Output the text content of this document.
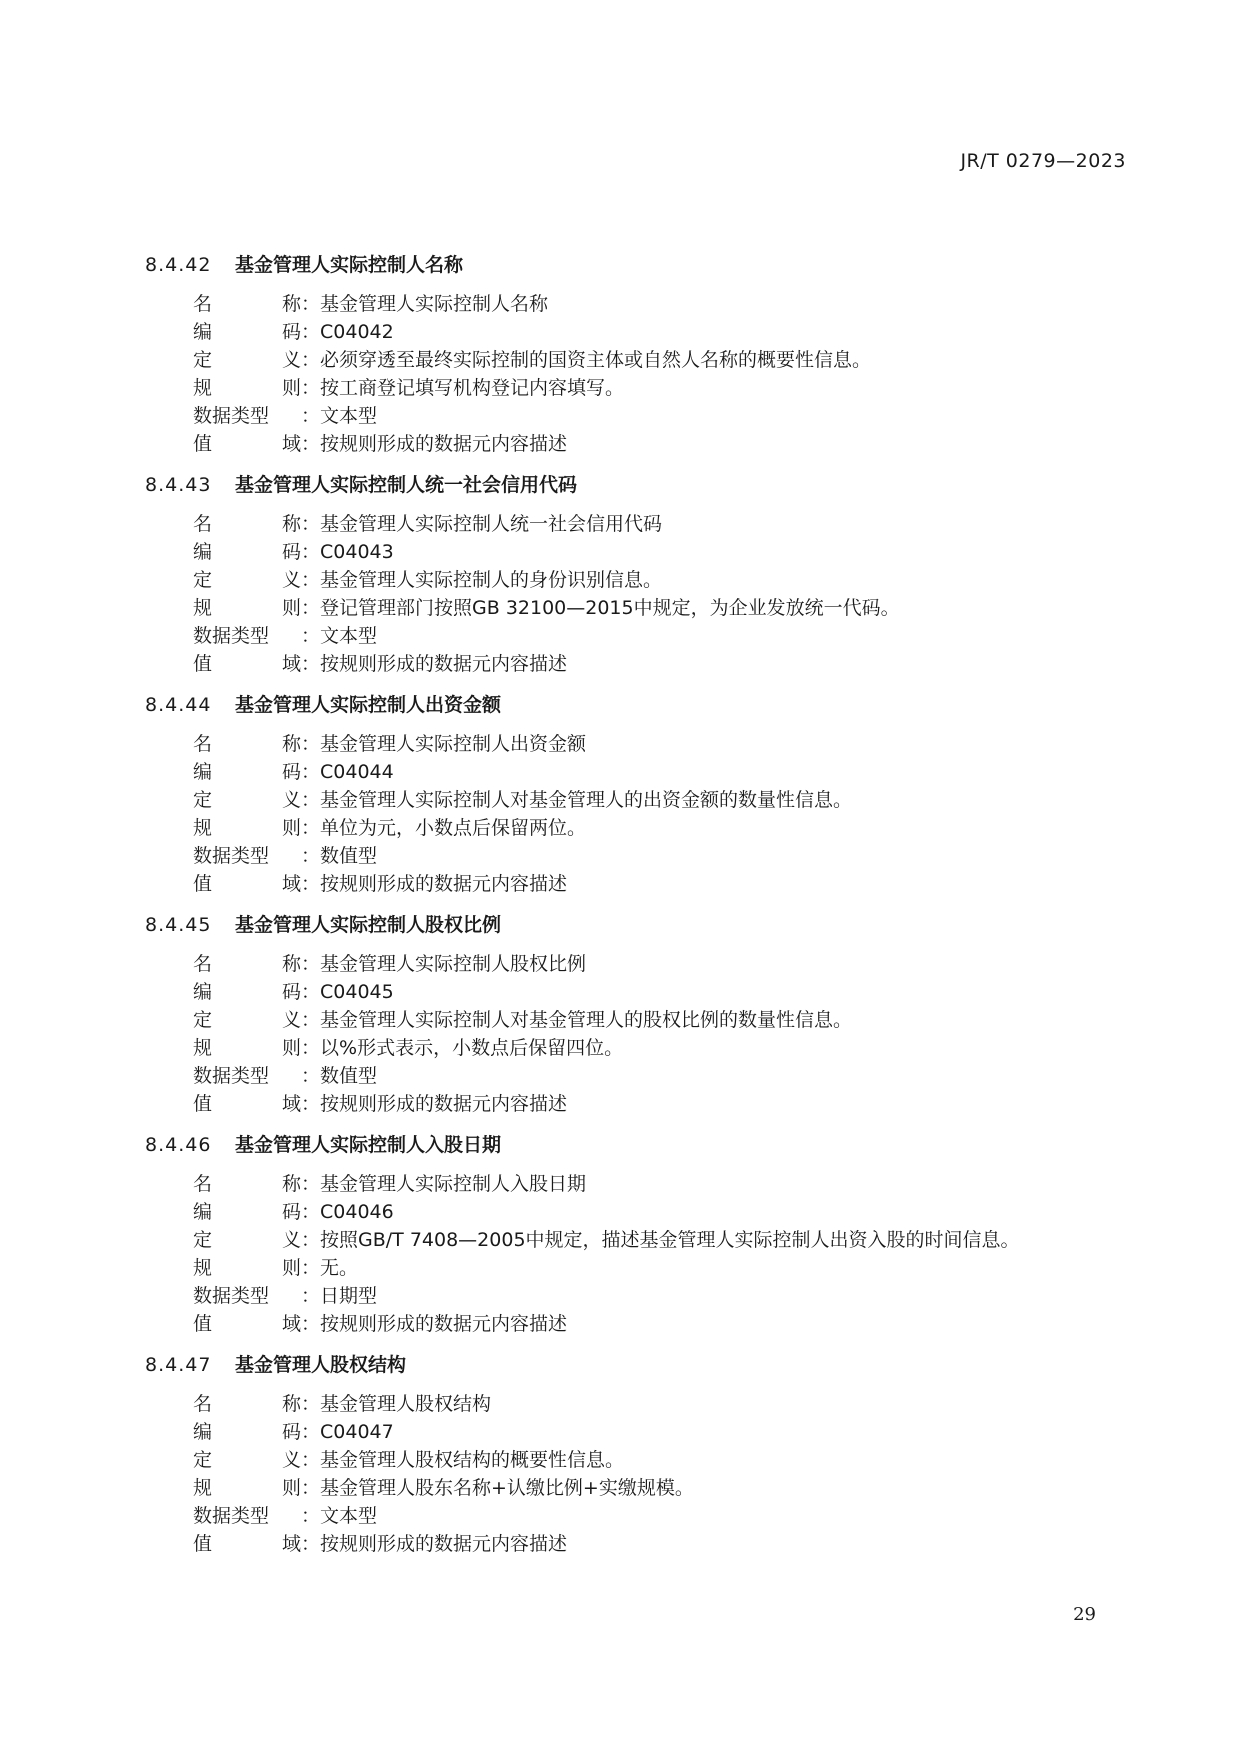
JR/T 0279—2023
8.4.42 基金管理人实际控制人名称
名称：基金管理人实际控制人名称
编码：C04042
定义：必须穿透至最终实际控制的国资主体或自然人名称的概要性信息。
规则：按工商登记填写机构登记内容填写。
数据类型 ：文本型
值域：按规则形成的数据元内容描述
8.4.43 基金管理人实际控制人统一社会信用代码
名称：基金管理人实际控制人统一社会信用代码
编码：C04043
定义：基金管理人实际控制人的身份识别信息。
规则：登记管理部门按照GB 32100—2015中规定，为企业发放统一代码。
数据类型 ：文本型
值域：按规则形成的数据元内容描述
8.4.44 基金管理人实际控制人出资金额
名称：基金管理人实际控制人出资金额
编码：C04044
定义：基金管理人实际控制人对基金管理人的出资金额的数量性信息。
规则：单位为元，小数点后保留两位。
数据类型 ：数值型
值域：按规则形成的数据元内容描述
8.4.45 基金管理人实际控制人股权比例
名称：基金管理人实际控制人股权比例
编码：C04045
定义：基金管理人实际控制人对基金管理人的股权比例的数量性信息。
规则：以%形式表示，小数点后保留四位。
数据类型 ：数值型
值域：按规则形成的数据元内容描述
8.4.46 基金管理人实际控制人入股日期
名称：基金管理人实际控制人入股日期
编码：C04046
定义：按照GB/T 7408—2005中规定，描述基金管理人实际控制人出资入股的时间信息。
规则：无。
数据类型 ：日期型
值域：按规则形成的数据元内容描述
8.4.47 基金管理人股权结构
名称：基金管理人股权结构
编码：C04047
定义：基金管理人股权结构的概要性信息。
规则：基金管理人股东名称+认缴比例+实缴规模。
数据类型 ：文本型
值域：按规则形成的数据元内容描述
29
